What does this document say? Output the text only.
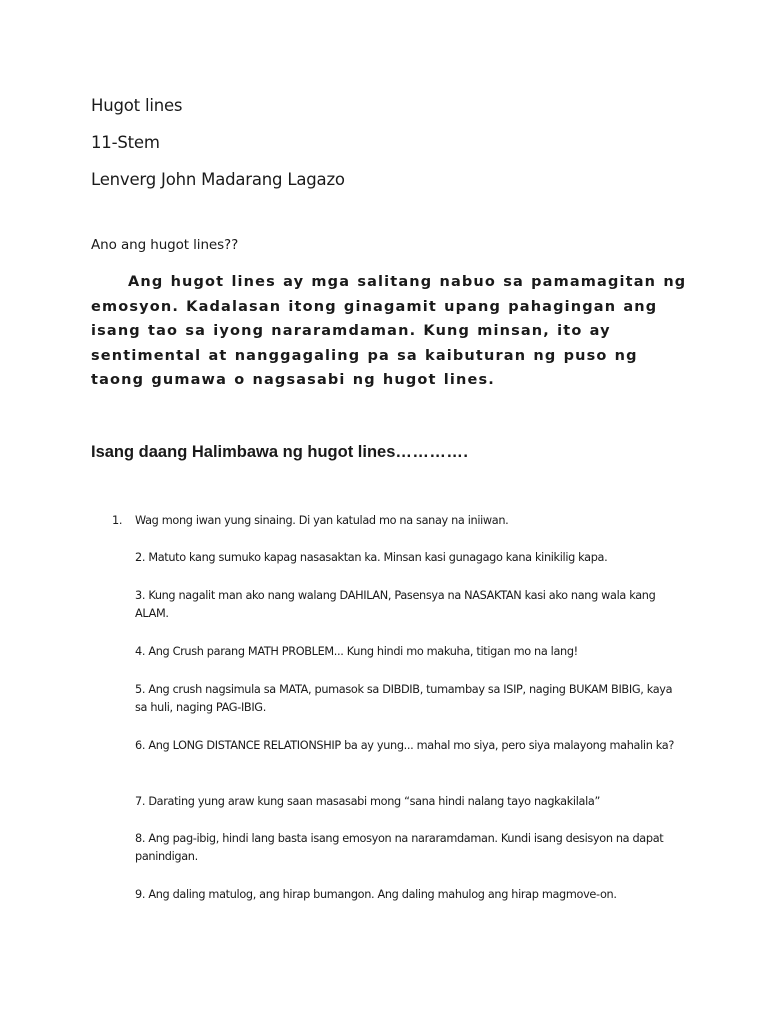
Hugot lines
11-Stem
Lenverg John Madarang Lagazo
Ano ang hugot lines??

Ang hugot lines ay mga salitang nabuo sa pamamagitan ng emosyon. Kadalasan itong ginagamit upang pahagingan ang isang tao sa iyong nararamdaman. Kung minsan, ito ay sentimental at nanggagaling pa sa kaibuturan ng puso ng taong gumawa o nagsasabi ng hugot lines.

Isang daang Halimbawa ng hugot lines………….
1. Wag mong iwan yung sinaing. Di yan katulad mo na sanay na iniiwan.
2. Matuto kang sumuko kapag nasasaktan ka. Minsan kasi gunagago kana kinikilig kapa.
3. Kung nagalit man ako nang walang DAHILAN, Pasensya na NASAKTAN kasi ako nang wala kang ALAM.
4. Ang Crush parang MATH PROBLEM... Kung hindi mo makuha, titigan mo na lang!
5. Ang crush nagsimula sa MATA, pumasok sa DIBDIB, tumambay sa ISIP, naging BUKAM BIBIG, kaya sa huli, naging PAG-IBIG.
6. Ang LONG DISTANCE RELATIONSHIP ba ay yung... mahal mo siya, pero siya malayong mahalin ka?
7. Darating yung araw kung saan masasabi mong “sana hindi nalang tayo nagkakilala”
8. Ang pag-ibig, hindi lang basta isang emosyon na nararamdaman. Kundi isang desisyon na dapat panindigan.
9. Ang daling matulog, ang hirap bumangon. Ang daling mahulog ang hirap magmove-on.
